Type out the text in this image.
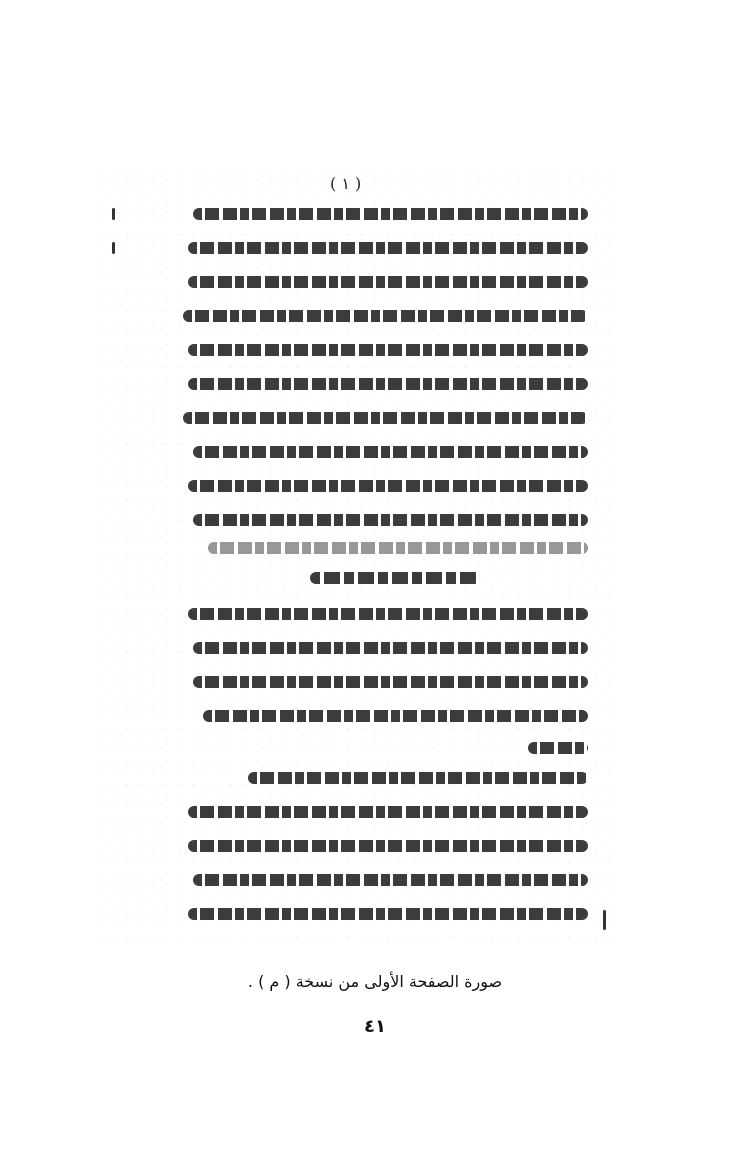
( ١ )
صورة الصفحة الأولى من نسخة ( م ) .
٤١
